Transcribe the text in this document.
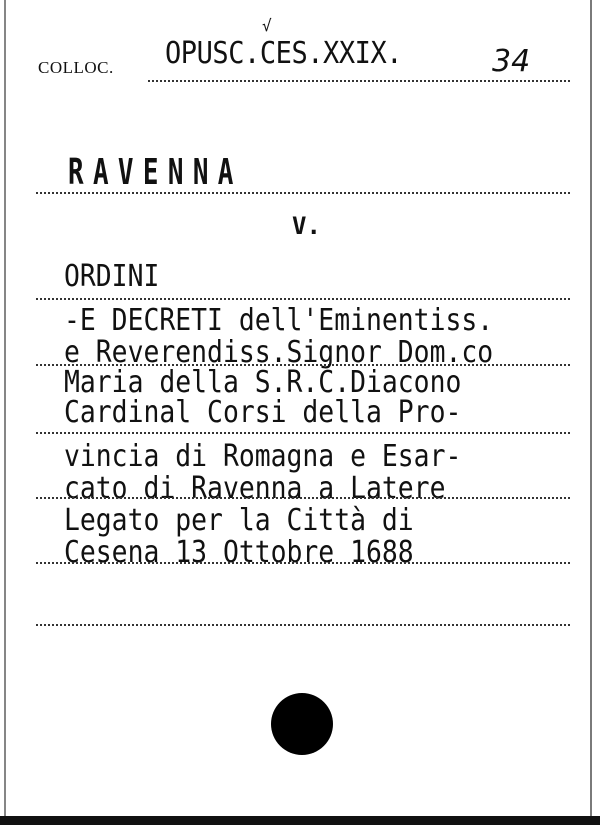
√
COLLOC. OPUSC.CES.XXIX.	34
RAVENNA
V.
ORDINI
-E DECRETI dell'Eminentiss.
e Reverendiss.Signor Dom.co
Maria della S.R.C.Diacono
Cardinal Corsi della Pro-
vincia di Romagna e Esar-
cato di Ravenna a Latere
Legato per la Città di
Cesena 13 Ottobre 1688
